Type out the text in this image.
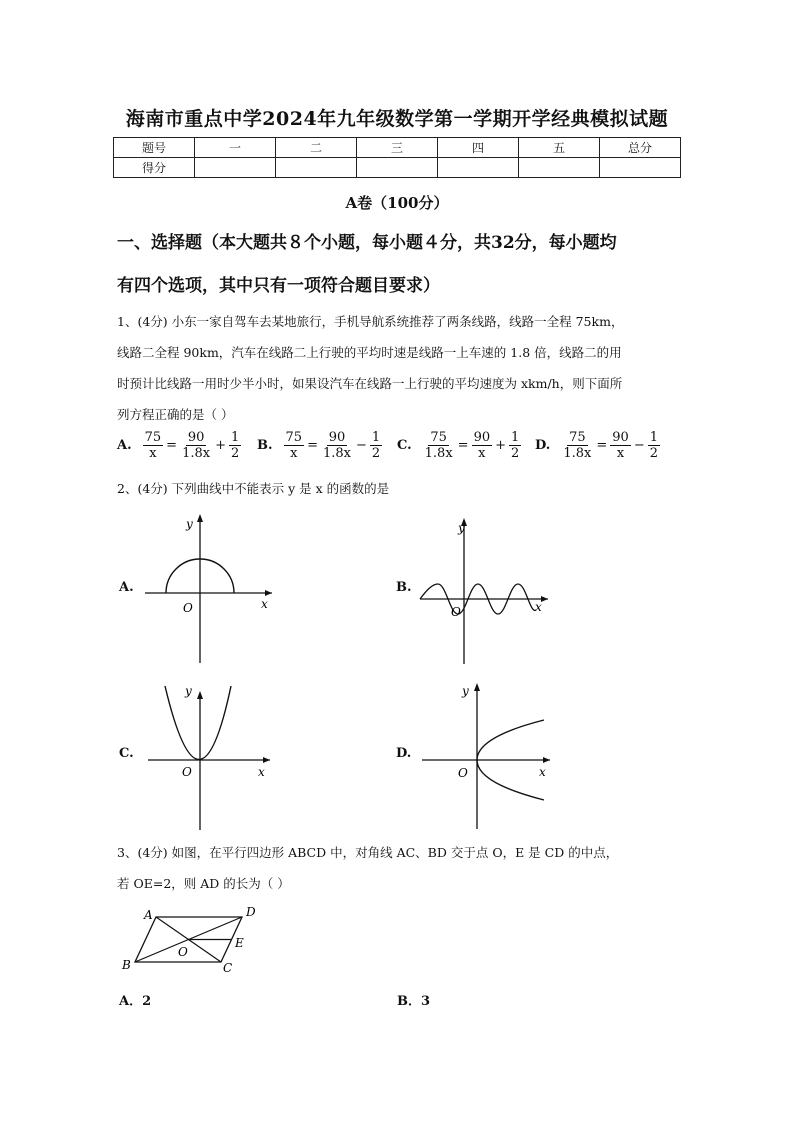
海南市重点中学2024年九年级数学第一学期开学经典模拟试题
题号	一	二	三	四	五	总分
得分						
A卷（100分）
一、选择题（本大题共８个小题，每小题４分，共32分，每小题均
有四个选项，其中只有一项符合题目要求）
1、(4分) 小东一家自驾车去某地旅行，手机导航系统推荐了两条线路，线路一全程 75km，
线路二全程 90km，汽车在线路二上行驶的平均时速是线路一上车速的 1.8 倍，线路二的用
时预计比线路一用时少半小时，如果设汽车在线路一上行驶的平均速度为 xkm/h，则下面所
列方程正确的是（ ）
A. $\frac{75}{x} = \frac{90}{1.8x} + \frac{1}{2} B$. $\frac{75}{x} = \frac{90}{1.8x} - \frac{1}{2} C$. $\frac{75}{1.8x} = \frac{90}{x} + \frac{1}{2} D$. $\frac{75}{1.8x} = \frac{90}{x} - \frac{1}{2}$
2、(4分) 下列曲线中不能表示 y 是 x 的函数的是
A.	B.
C.	D.
x
y
O	x
y
O
x
y
O	x
y
O
3、(4分) 如图，在平行四边形 ABCD 中，对角线 AC、BD 交于点 O，E 是 CD 的中点，
若 OE=2，则 AD 的长为（ ）
A	D
E
O
B	C
A．2	B．3
